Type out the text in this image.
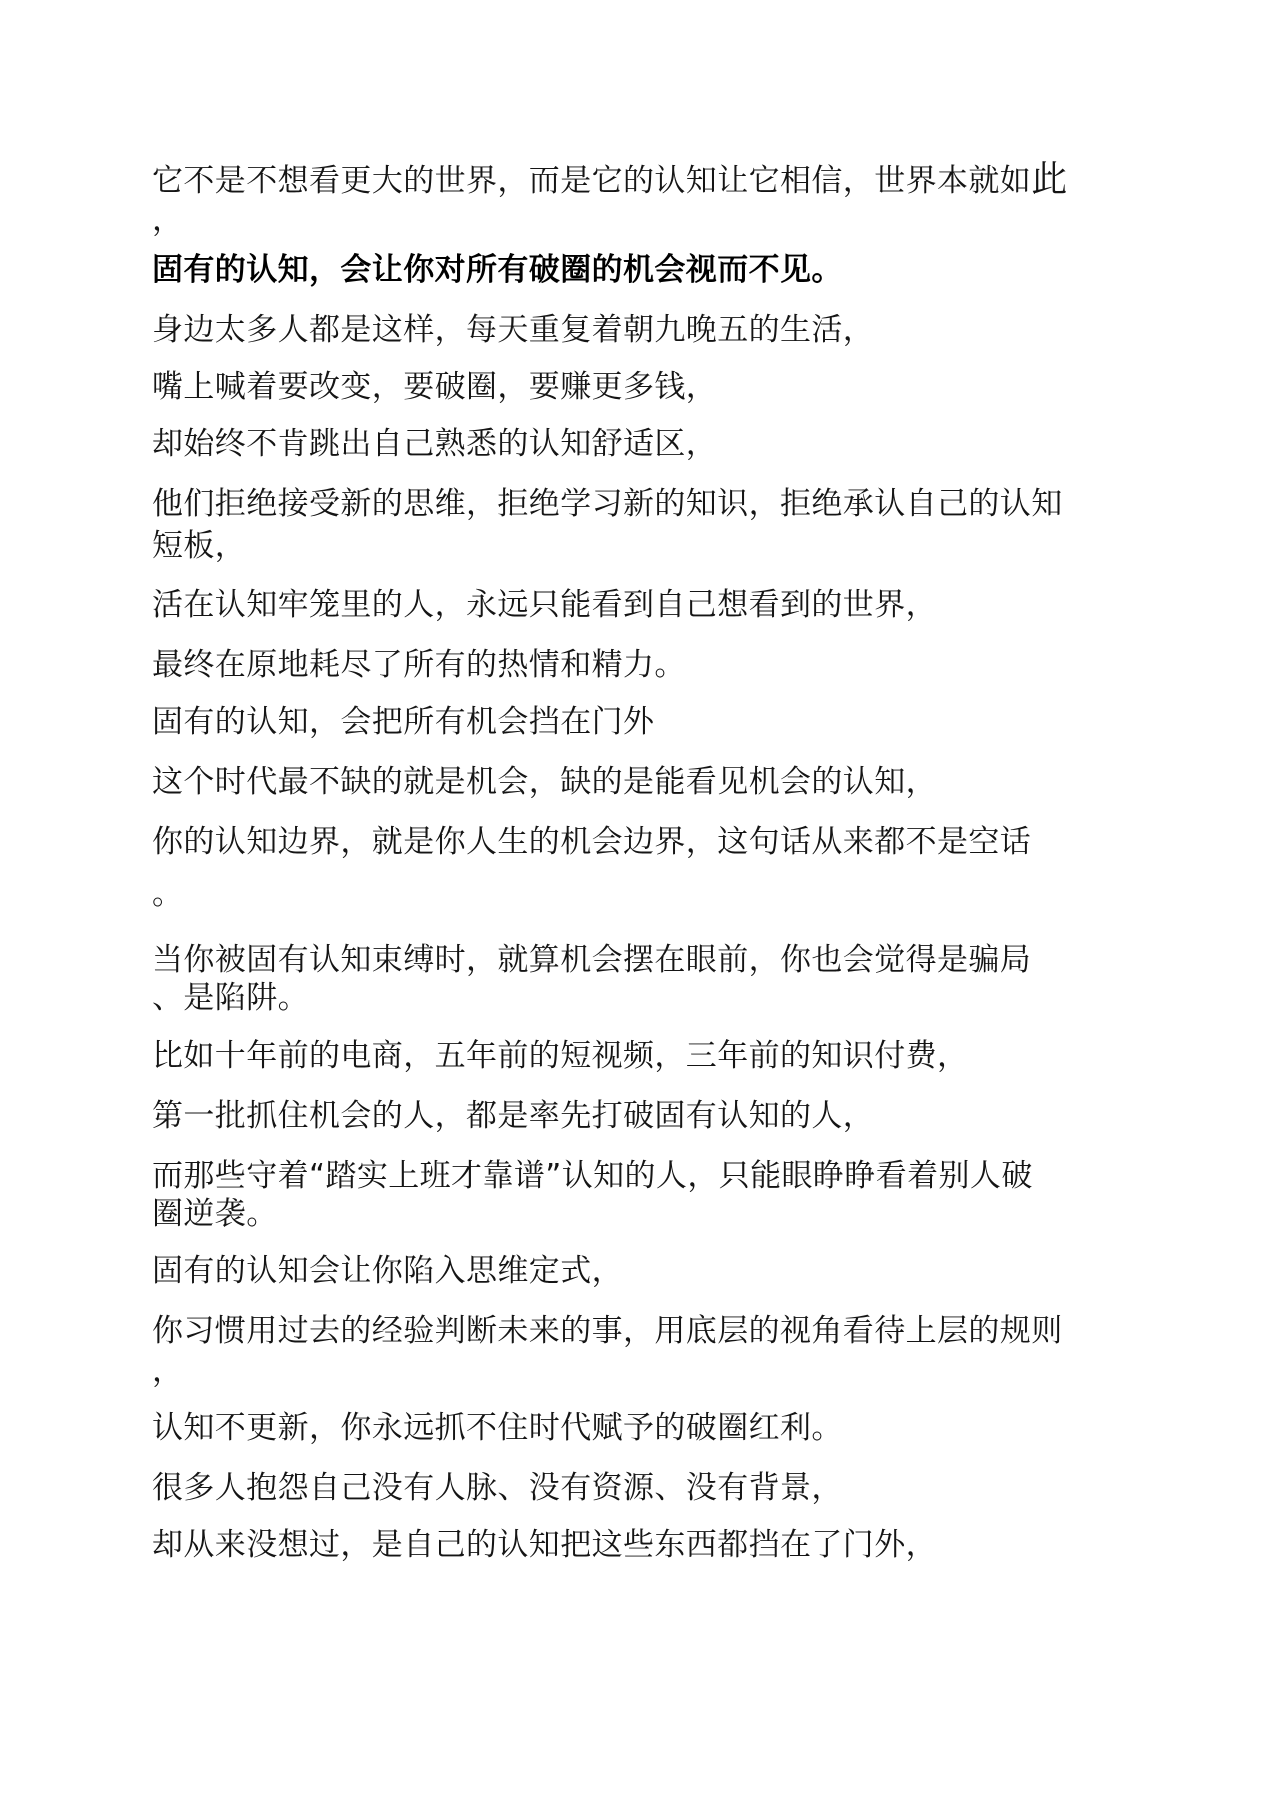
它不是不想看更大的世界，而是它的认知让它相信，世界本就如此
，
固有的认知，会让你对所有破圈的机会视而不见。
身边太多人都是这样，每天重复着朝九晚五的生活，
嘴上喊着要改变，要破圈，要赚更多钱，
却始终不肯跳出自己熟悉的认知舒适区，
他们拒绝接受新的思维，拒绝学习新的知识，拒绝承认自己的认知
短板，
活在认知牢笼里的人，永远只能看到自己想看到的世界，
最终在原地耗尽了所有的热情和精力。
固有的认知，会把所有机会挡在门外
这个时代最不缺的就是机会，缺的是能看见机会的认知，
你的认知边界，就是你人生的机会边界，这句话从来都不是空话
。
当你被固有认知束缚时，就算机会摆在眼前，你也会觉得是骗局
、是陷阱。
比如十年前的电商，五年前的短视频，三年前的知识付费，
第一批抓住机会的人，都是率先打破固有认知的人，
而那些守着“踏实上班才靠谱”认知的人，只能眼睁睁看着别人破
圈逆袭。
固有的认知会让你陷入思维定式，
你习惯用过去的经验判断未来的事，用底层的视角看待上层的规则
，
认知不更新，你永远抓不住时代赋予的破圈红利。
很多人抱怨自己没有人脉、没有资源、没有背景，
却从来没想过，是自己的认知把这些东西都挡在了门外，
